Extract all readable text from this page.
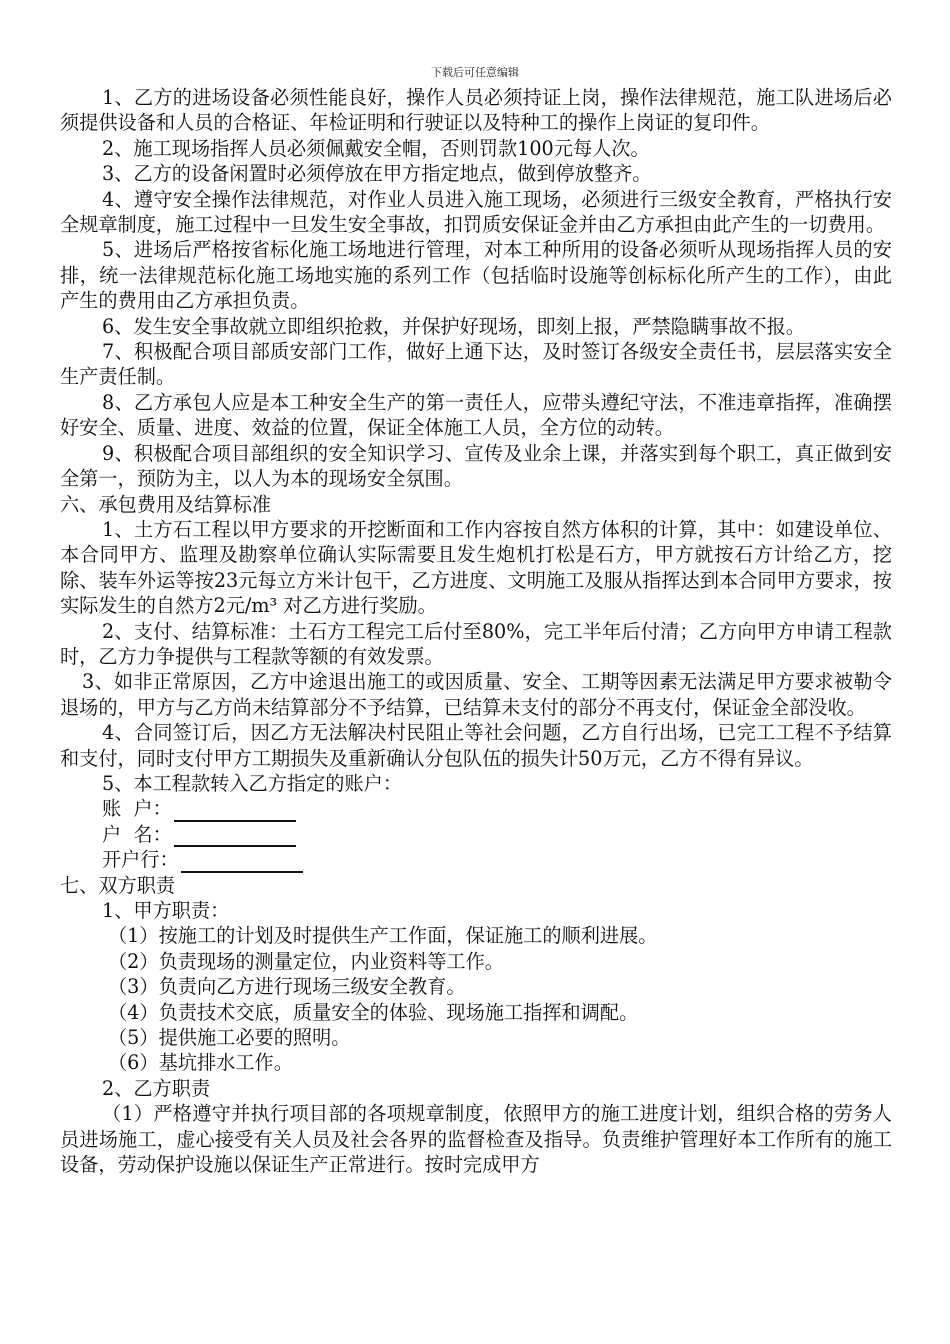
下载后可任意编辑

1、乙方的进场设备必须性能良好，操作人员必须持证上岗，操作法律规范，施工队进场后必须提供设备和人员的合格证、年检证明和行驶证以及特种工的操作上岗证的复印件。

2、施工现场指挥人员必须佩戴安全帽，否则罚款100元每人次。

3、乙方的设备闲置时必须停放在甲方指定地点，做到停放整齐。

4、遵守安全操作法律规范，对作业人员进入施工现场，必须进行三级安全教育，严格执行安全规章制度，施工过程中一旦发生安全事故，扣罚质安保证金并由乙方承担由此产生的一切费用。

5、进场后严格按省标化施工场地进行管理，对本工种所用的设备必须听从现场指挥人员的安排，统一法律规范标化施工场地实施的系列工作（包括临时设施等创标标化所产生的工作），由此产生的费用由乙方承担负责。

6、发生安全事故就立即组织抢救，并保护好现场，即刻上报，严禁隐瞒事故不报。

7、积极配合项目部质安部门工作，做好上通下达，及时签订各级安全责任书，层层落实安全生产责任制。

8、乙方承包人应是本工种安全生产的第一责任人，应带头遵纪守法，不准违章指挥，准确摆好安全、质量、进度、效益的位置，保证全体施工人员，全方位的动转。

9、积极配合项目部组织的安全知识学习、宣传及业余上课，并落实到每个职工，真正做到安全第一，预防为主，以人为本的现场安全氛围。

六、承包费用及结算标准

1、土方石工程以甲方要求的开挖断面和工作内容按自然方体积的计算，其中：如建设单位、本合同甲方、监理及勘察单位确认实际需要且发生炮机打松是石方，甲方就按石方计给乙方，挖除、装车外运等按23元每立方米计包干，乙方进度、文明施工及服从指挥达到本合同甲方要求，按实际发生的自然方2元/m³ 对乙方进行奖励。

2、支付、结算标准：土石方工程完工后付至80%，完工半年后付清；乙方向甲方申请工程款时，乙方力争提供与工程款等额的有效发票。

3、如非正常原因，乙方中途退出施工的或因质量、安全、工期等因素无法满足甲方要求被勒令退场的，甲方与乙方尚未结算部分不予结算，已结算未支付的部分不再支付，保证金全部没收。

4、合同签订后，因乙方无法解决村民阻止等社会问题，乙方自行出场，已完工工程不予结算和支付，同时支付甲方工期损失及重新确认分包队伍的损失计50万元，乙方不得有异议。

5、本工程款转入乙方指定的账户：

账  户：

户  名：

开户行：

七、双方职责

1、甲方职责：

（1）按施工的计划及时提供生产工作面，保证施工的顺利进展。

（2）负责现场的测量定位，内业资料等工作。

（3）负责向乙方进行现场三级安全教育。

（4）负责技术交底，质量安全的体验、现场施工指挥和调配。

（5）提供施工必要的照明。

（6）基坑排水工作。

2、乙方职责

（1）严格遵守并执行项目部的各项规章制度，依照甲方的施工进度计划，组织合格的劳务人员进场施工，虚心接受有关人员及社会各界的监督检查及指导。负责维护管理好本工作所有的施工设备，劳动保护设施以保证生产正常进行。按时完成甲方
